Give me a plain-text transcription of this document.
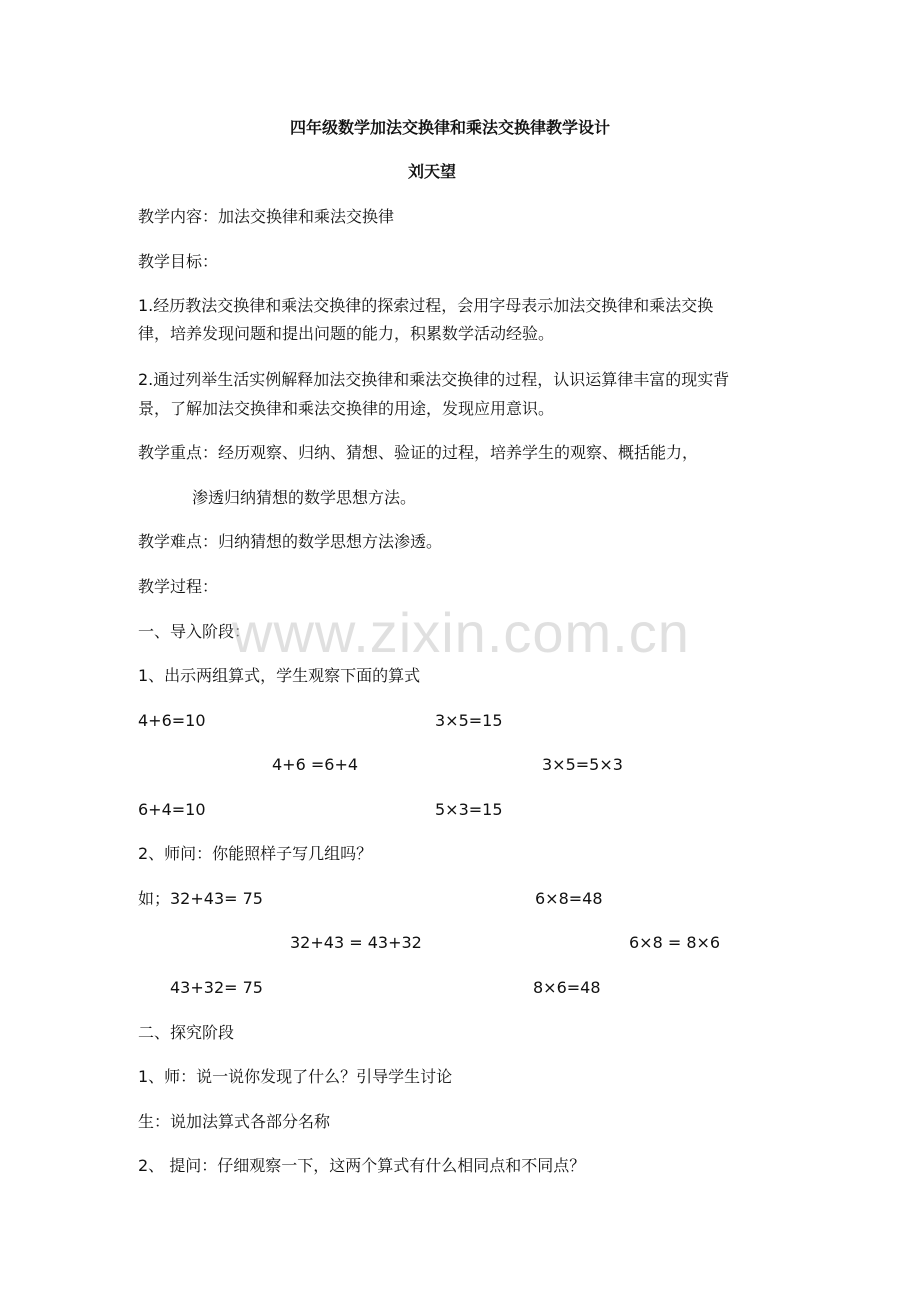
四年级数学加法交换律和乘法交换律教学设计
刘天望
教学内容：加法交换律和乘法交换律
教学目标：
1.经历教法交换律和乘法交换律的探索过程，会用字母表示加法交换律和乘法交换
律，培养发现问题和提出问题的能力，积累数学活动经验。
2.通过列举生活实例解释加法交换律和乘法交换律的过程，认识运算律丰富的现实背
景，了解加法交换律和乘法交换律的用途，发现应用意识。
教学重点：经历观察、归纳、猜想、验证的过程，培养学生的观察、概括能力，
渗透归纳猜想的数学思想方法。
教学难点：归纳猜想的数学思想方法渗透。
教学过程：
一、导入阶段：
1、出示两组算式，学生观察下面的算式
4+6=10	3×5=15
4+6 =6+4	3×5=5×3
6+4=10	5×3=15
2、师问：你能照样子写几组吗？
如；32+43= 75	6×8=48
32+43 = 43+32	6×8 = 8×6
43+32= 75	8×6=48
二、探究阶段
1、师：说一说你发现了什么？引导学生讨论
生：说加法算式各部分名称
2、 提问：仔细观察一下，这两个算式有什么相同点和不同点？
www.zixin.com.cn
